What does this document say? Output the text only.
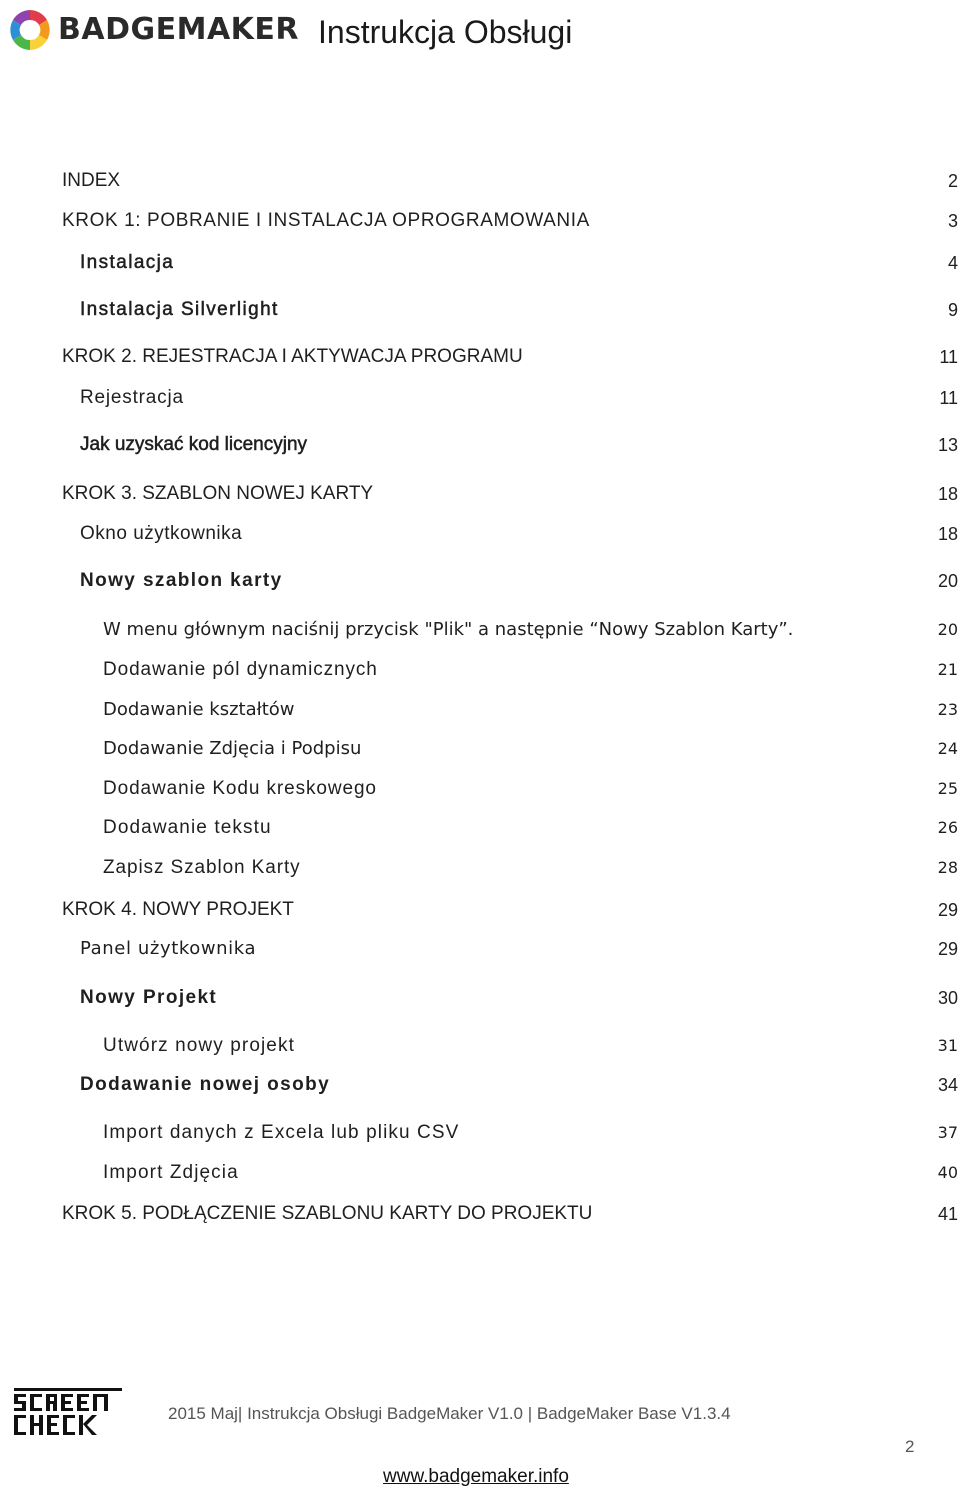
BADGEMAKER Instrukcja Obsługi
INDEX	2
KROK 1: POBRANIE I INSTALACJA OPROGRAMOWANIA	3
Instalacja	4
Instalacja Silverlight	9
KROK 2. REJESTRACJA I AKTYWACJA PROGRAMU	11
Rejestracja	11
Jak uzyskać kod licencyjny	13
KROK 3. SZABLON NOWEJ KARTY	18
Okno użytkownika	18
Nowy szablon karty	20
W menu głównym naciśnij przycisk "Plik" a następnie “Nowy Szablon Karty”.	20
Dodawanie pól dynamicznych	21
Dodawanie kształtów	23
Dodawanie Zdjęcia i Podpisu	24
Dodawanie Kodu kreskowego	25
Dodawanie tekstu	26
Zapisz Szablon Karty	28
KROK 4. NOWY PROJEKT	29
Panel użytkownika	29
Nowy Projekt	30
Utwórz nowy projekt	31
Dodawanie nowej osoby	34
Import danych z Excela lub pliku CSV	37
Import Zdjęcia	40
KROK 5. PODŁĄCZENIE SZABLONU KARTY DO PROJEKTU	41
2015 Maj| Instrukcja Obsługi BadgeMaker V1.0 | BadgeMaker Base V1.3.4
2
www.badgemaker.info
